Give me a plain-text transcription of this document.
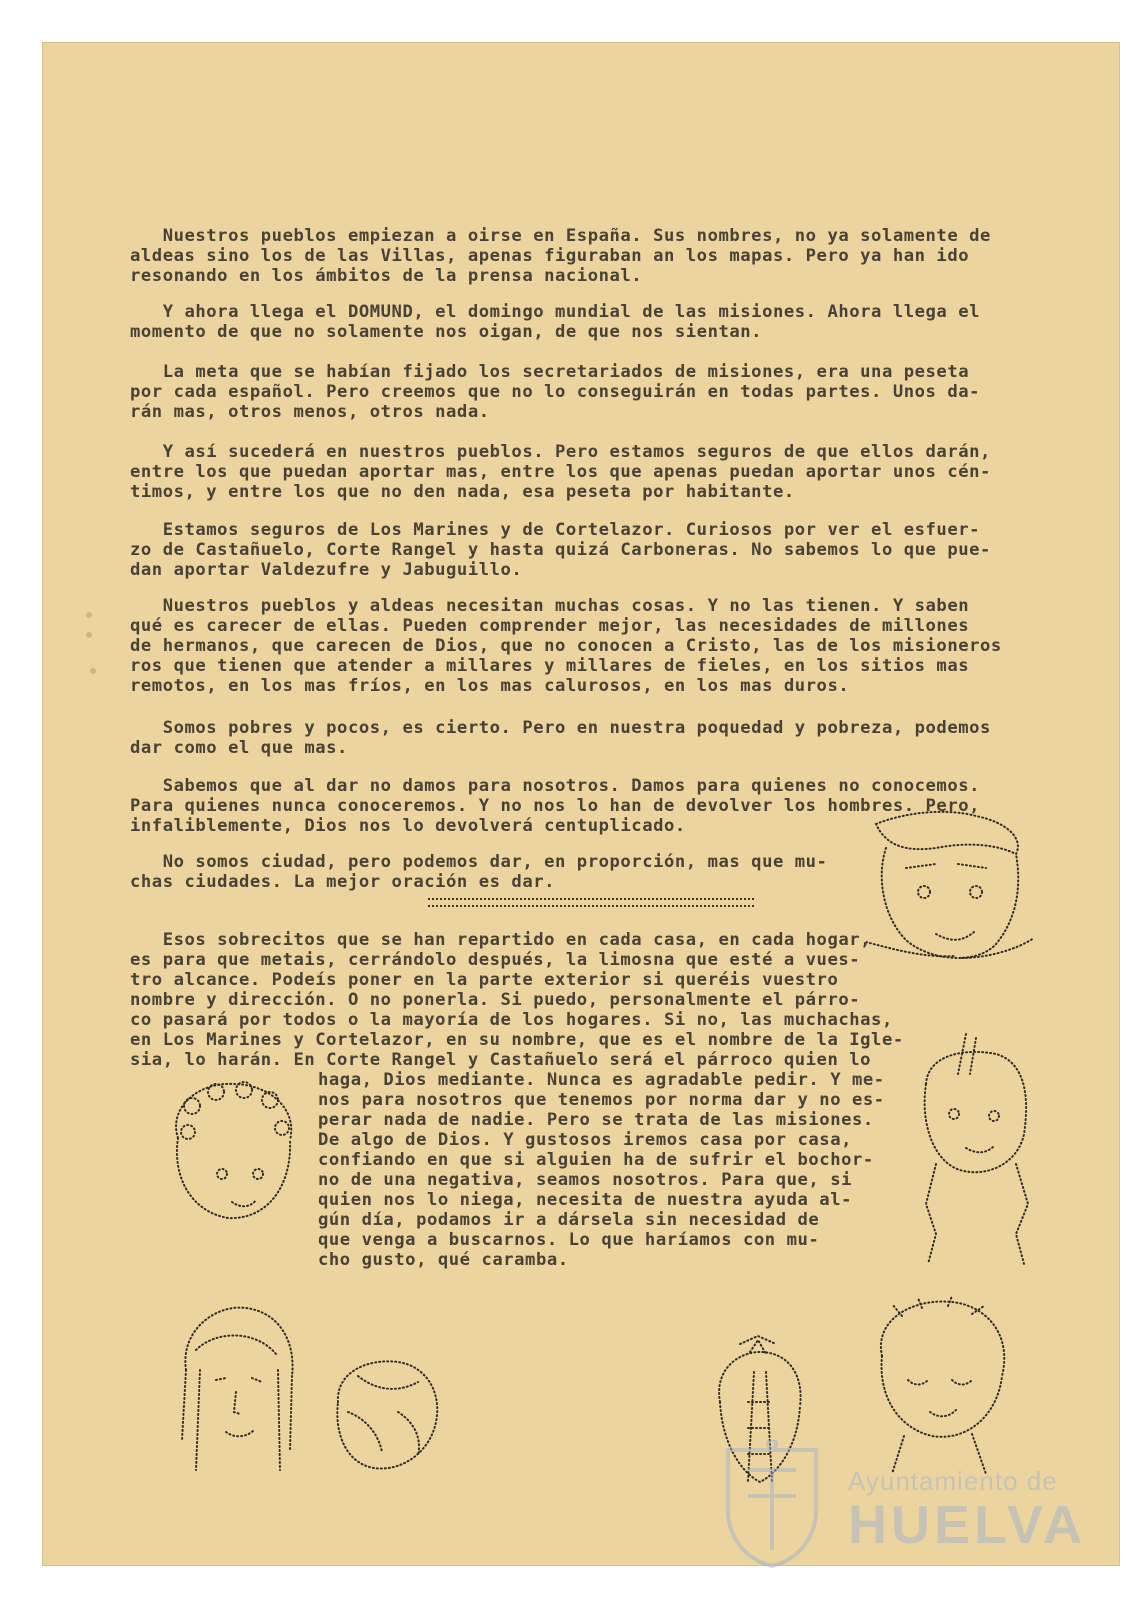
Nuestros pueblos empiezan a oirse en España. Sus nombres, no ya solamente de
aldeas sino los de las Villas, apenas figuraban an los mapas. Pero ya han ido
resonando en los ámbitos de la prensa nacional.
Y ahora llega el DOMUND, el domingo mundial de las misiones. Ahora llega el
momento de que no solamente nos oigan, de que nos sientan.
La meta que se habían fijado los secretariados de misiones, era una peseta
por cada español. Pero creemos que no lo conseguirán en todas partes. Unos da-
rán mas, otros menos, otros nada.
Y así sucederá en nuestros pueblos. Pero estamos seguros de que ellos darán,
entre los que puedan aportar mas, entre los que apenas puedan aportar unos cén-
timos, y entre los que no den nada, esa peseta por habitante.
Estamos seguros de Los Marines y de Cortelazor. Curiosos por ver el esfuer-
zo de Castañuelo, Corte Rangel y hasta quizá Carboneras. No sabemos lo que pue-
dan aportar Valdezufre y Jabuguillo.
Nuestros pueblos y aldeas necesitan muchas cosas. Y no las tienen. Y saben
qué es carecer de ellas. Pueden comprender mejor, las necesidades de millones
de hermanos, que carecen de Dios, que no conocen a Cristo, las de los misioneros
ros que tienen que atender a millares y millares de fieles, en los sitios mas
remotos, en los mas fríos, en los mas calurosos, en los mas duros.
Somos pobres y pocos, es cierto. Pero en nuestra poquedad y pobreza, podemos
dar como el que mas.
Sabemos que al dar no damos para nosotros. Damos para quienes no conocemos.
Para quienes nunca conoceremos. Y no nos lo han de devolver los hombres. Pero,
infaliblemente, Dios nos lo devolverá centuplicado.
No somos ciudad, pero podemos dar, en proporción, mas que mu-
chas ciudades. La mejor oración es dar.
Esos sobrecitos que se han repartido en cada casa, en cada hogar,
es para que metais, cerrándolo después, la limosna que esté a vues-
tro alcance. Podeís poner en la parte exterior si queréis vuestro
nombre y dirección. O no ponerla. Si puedo, personalmente el párro-
co pasará por todos o la mayoría de los hogares. Si no, las muchachas,
en Los Marines y Cortelazor, en su nombre, que es el nombre de la Igle-
sia, lo harán. En Corte Rangel y Castañuelo será el párroco quien lo
haga, Dios mediante. Nunca es agradable pedir. Y me-
nos para nosotros que tenemos por norma dar y no es-
perar nada de nadie. Pero se trata de las misiones.
De algo de Dios. Y gustosos iremos casa por casa,
confiando en que si alguien ha de sufrir el bochor-
no de una negativa, seamos nosotros. Para que, si
quien nos lo niega, necesita de nuestra ayuda al-
gún día, podamos ir a dársela sin necesidad de
que venga a buscarnos. Lo que haríamos con mu-
cho gusto, qué caramba.
Ayuntamiento de
HUELVA
